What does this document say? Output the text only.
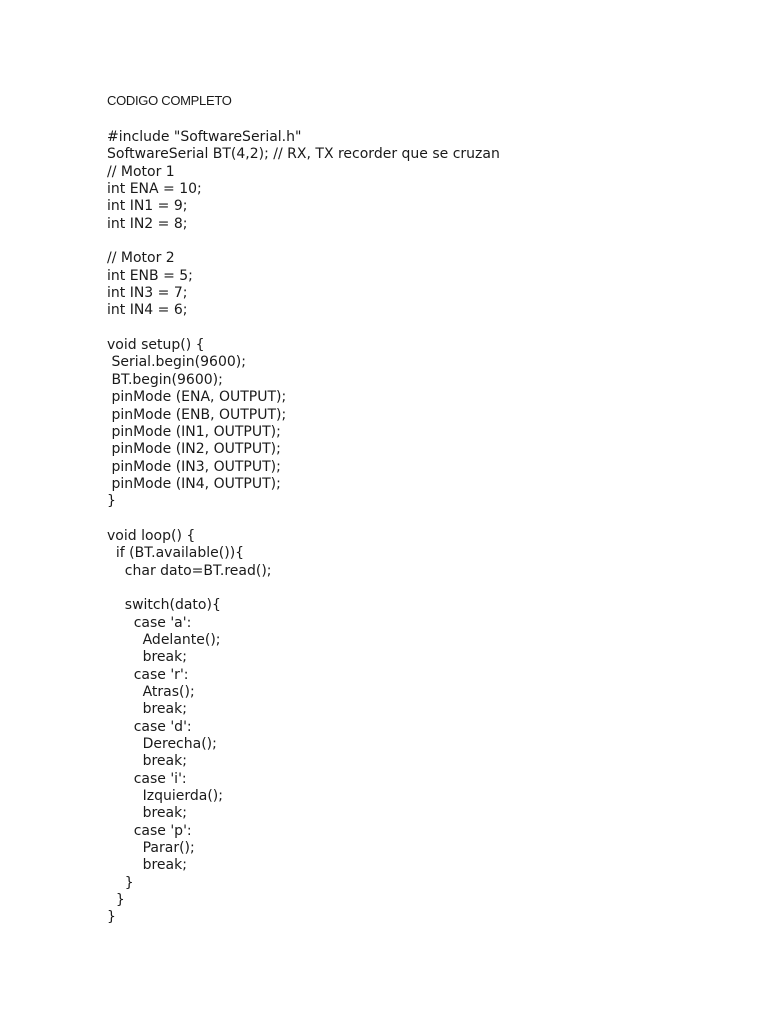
CODIGO COMPLETO
#include "SoftwareSerial.h"
SoftwareSerial BT(4,2); // RX, TX recorder que se cruzan
// Motor 1
int ENA = 10;
int IN1 = 9;
int IN2 = 8;
// Motor 2
int ENB = 5;
int IN3 = 7;
int IN4 = 6;
void setup() {
Serial.begin(9600);
BT.begin(9600);
pinMode (ENA, OUTPUT);
pinMode (ENB, OUTPUT);
pinMode (IN1, OUTPUT);
pinMode (IN2, OUTPUT);
pinMode (IN3, OUTPUT);
pinMode (IN4, OUTPUT);
}
void loop() {
if (BT.available()){
char dato=BT.read();
switch(dato){
case 'a':
Adelante();
break;
case 'r':
Atras();
break;
case 'd':
Derecha();
break;
case 'i':
Izquierda();
break;
case 'p':
Parar();
break;
}
}
}
